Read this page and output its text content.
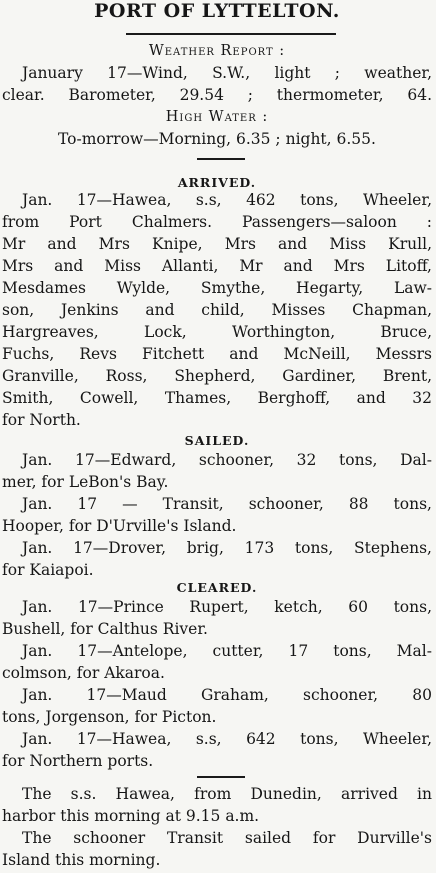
PORT OF LYTTELTON.
Weather Report :
January 17—Wind, S.W., light ; weather,
clear. Barometer, 29.54 ; thermometer, 64.
High Water :
To-morrow—Morning, 6.35 ; night, 6.55.
ARRIVED.
Jan. 17—Hawea, s.s, 462 tons, Wheeler,
from Port Chalmers. Passengers—saloon :
Mr and Mrs Knipe, Mrs and Miss Krull,
Mrs and Miss Allanti, Mr and Mrs Litoff,
Mesdames Wylde, Smythe, Hegarty, Law-
son, Jenkins and child, Misses Chapman,
Hargreaves, Lock, Worthington, Bruce,
Fuchs, Revs Fitchett and McNeill, Messrs
Granville, Ross, Shepherd, Gardiner, Brent,
Smith, Cowell, Thames, Berghoff, and 32
for North.
SAILED.
Jan. 17—Edward, schooner, 32 tons, Dal-
mer, for LeBon's Bay.
Jan. 17 — Transit, schooner, 88 tons,
Hooper, for D'Urville's Island.
Jan. 17—Drover, brig, 173 tons, Stephens,
for Kaiapoi.
CLEARED.
Jan. 17—Prince Rupert, ketch, 60 tons,
Bushell, for Calthus River.
Jan. 17—Antelope, cutter, 17 tons, Mal-
colmson, for Akaroa.
Jan. 17—Maud Graham, schooner, 80
tons, Jorgenson, for Picton.
Jan. 17—Hawea, s.s, 642 tons, Wheeler,
for Northern ports.
The s.s. Hawea, from Dunedin, arrived in
harbor this morning at 9.15 a.m.
The schooner Transit sailed for Durville's
Island this morning.
